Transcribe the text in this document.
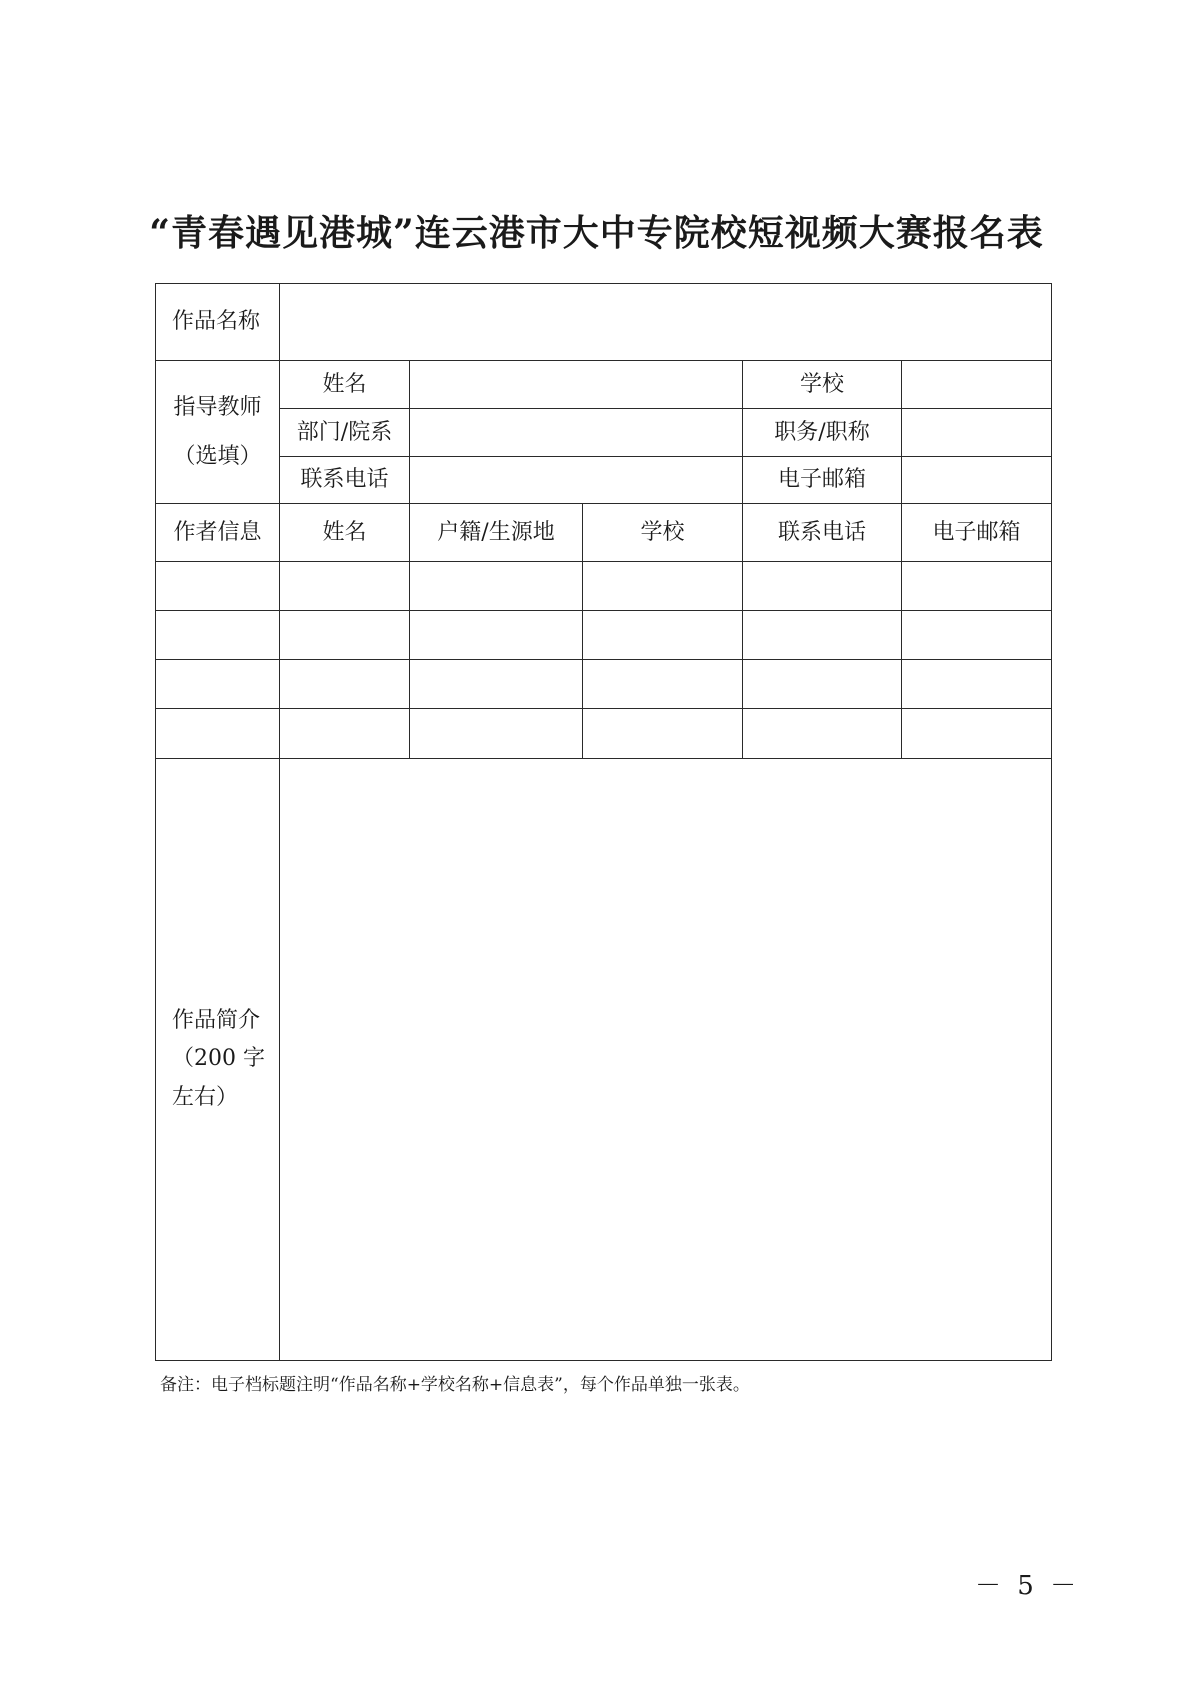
“青春遇见港城”连云港市大中专院校短视频大赛报名表
作品名称					

指导教师
（选填）	姓名			学校	
	部门/院系			职务/职称	
	联系电话			电子邮箱	
作者信息	姓名	户籍/生源地	学校	联系电话	电子邮箱

作品简介
（200 字
左右）					

备注：电子档标题注明“作品名称+学校名称+信息表”，每个作品单独一张表。

－ 5 －
